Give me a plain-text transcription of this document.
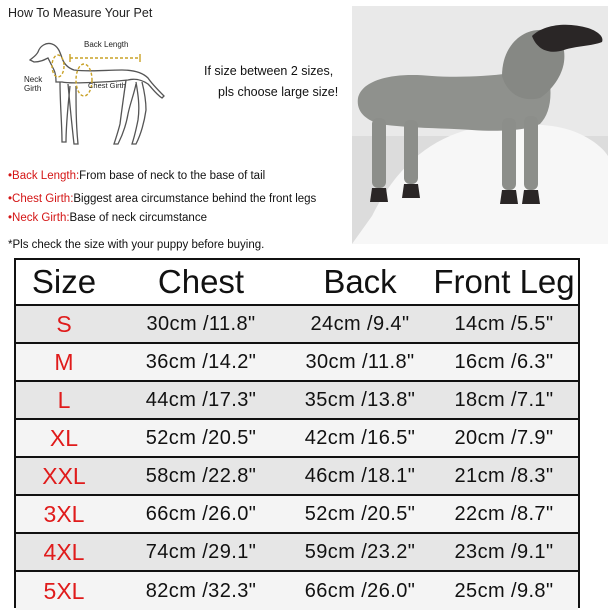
How To Measure Your Pet
Back Length
Neck
Girth	Chest Girth
If size between 2 sizes,
pls choose large size!
•Back Length:From base of neck to the base of tail
•Chest Girth:Biggest area circumstance behind the front legs
•Neck Girth:Base of neck circumstance
*Pls check the size with your puppy before buying.
Size	Chest	Back	Front Leg
S	30cm /11.8"	24cm /9.4"	14cm /5.5"
M	36cm /14.2"	30cm /11.8"	16cm /6.3"
L	44cm /17.3"	35cm /13.8"	18cm /7.1"
XL	52cm /20.5"	42cm /16.5"	20cm /7.9"
XXL	58cm /22.8"	46cm /18.1"	21cm /8.3"
3XL	66cm /26.0"	52cm /20.5"	22cm /8.7"
4XL	74cm /29.1"	59cm /23.2"	23cm /9.1"
5XL	82cm /32.3"	66cm /26.0"	25cm /9.8"
